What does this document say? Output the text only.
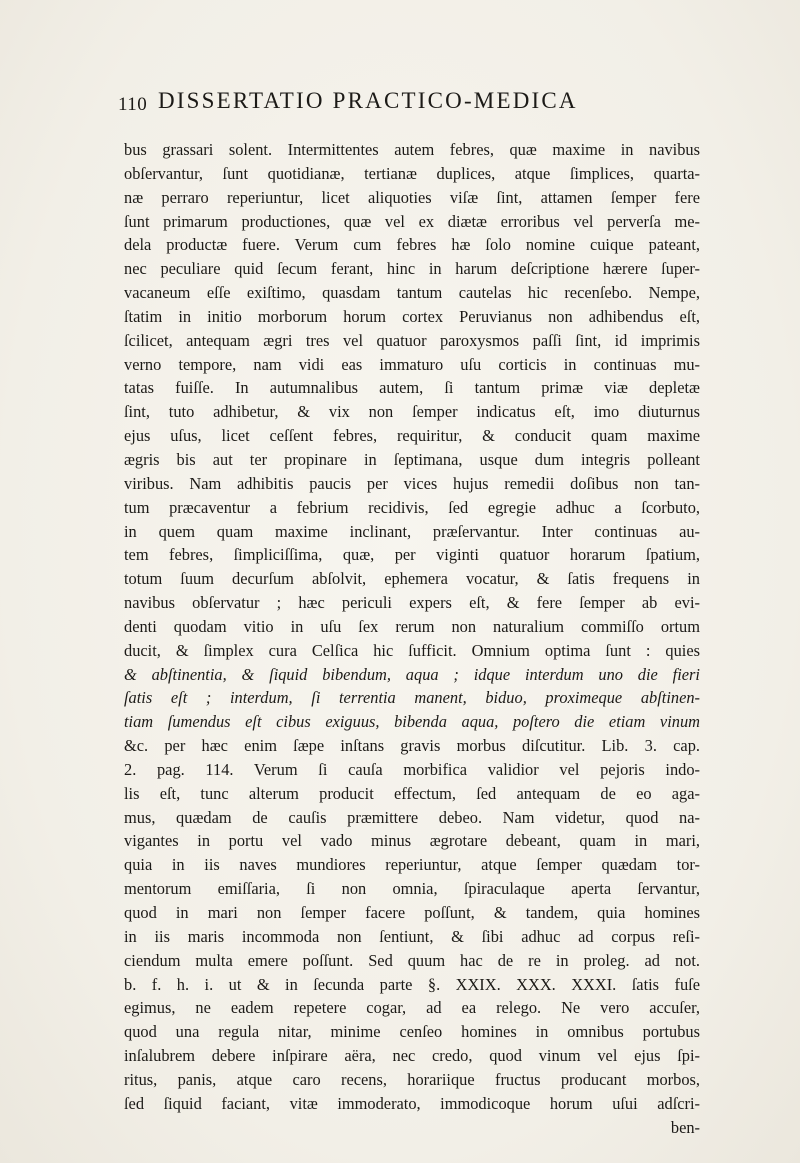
110 DISSERTATIO PRACTICO-MEDICA
bus grassari solent. Intermittentes autem febres, quæ maxime in navibus
obſervantur, ſunt quotidianæ, tertianæ duplices, atque ſimplices, quarta-
næ perraro reperiuntur, licet aliquoties viſæ ſint, attamen ſemper fere
ſunt primarum productiones, quæ vel ex diætæ erroribus vel perverſa me-
dela productæ fuere. Verum cum febres hæ ſolo nomine cuique pateant,
nec peculiare quid ſecum ferant, hinc in harum deſcriptione hærere ſuper-
vacaneum eſſe exiſtimo, quasdam tantum cautelas hic recenſebo. Nempe,
ſtatim in initio morborum horum cortex Peruvianus non adhibendus eſt,
ſcilicet, antequam ægri tres vel quatuor paroxysmos paſſi ſint, id imprimis
verno tempore, nam vidi eas immaturo uſu corticis in continuas mu-
tatas fuiſſe. In autumnalibus autem, ſi tantum primæ viæ depletæ
ſint, tuto adhibetur, & vix non ſemper indicatus eſt, imo diuturnus
ejus uſus, licet ceſſent febres, requiritur, & conducit quam maxime
ægris bis aut ter propinare in ſeptimana, usque dum integris polleant
viribus. Nam adhibitis paucis per vices hujus remedii doſibus non tan-
tum præcaventur a febrium recidivis, ſed egregie adhuc a ſcorbuto,
in quem quam maxime inclinant, præſervantur. Inter continuas au-
tem febres, ſimpliciſſima, quæ, per viginti quatuor horarum ſpatium,
totum ſuum decurſum abſolvit, ephemera vocatur, & ſatis frequens in
navibus obſervatur ; hæc periculi expers eſt, & fere ſemper ab evi-
denti quodam vitio in uſu ſex rerum non naturalium commiſſo ortum
ducit, & ſimplex cura Celſica hic ſufficit. Omnium optima ſunt : quies
& abſtinentia, & ſiquid bibendum, aqua ; idque interdum uno die fieri
ſatis eſt ; interdum, ſi terrentia manent, biduo, proximeque abſtinen-
tiam ſumendus eſt cibus exiguus, bibenda aqua, poſtero die etiam vinum
&c. per hæc enim ſæpe inſtans gravis morbus diſcutitur. Lib. 3. cap.
2. pag. 114. Verum ſi cauſa morbifica validior vel pejoris indo-
lis eſt, tunc alterum producit effectum, ſed antequam de eo aga-
mus, quædam de cauſis præmittere debeo. Nam videtur, quod na-
vigantes in portu vel vado minus ægrotare debeant, quam in mari,
quia in iis naves mundiores reperiuntur, atque ſemper quædam tor-
mentorum emiſſaria, ſi non omnia, ſpiraculaque aperta ſervantur,
quod in mari non ſemper facere poſſunt, & tandem, quia homines
in iis maris incommoda non ſentiunt, & ſibi adhuc ad corpus reſi-
ciendum multa emere poſſunt. Sed quum hac de re in proleg. ad not.
b. f. h. i. ut & in ſecunda parte §. XXIX. XXX. XXXI. ſatis fuſe
egimus, ne eadem repetere cogar, ad ea relego. Ne vero accuſer,
quod una regula nitar, minime cenſeo homines in omnibus portubus
inſalubrem debere inſpirare aëra, nec credo, quod vinum vel ejus ſpi-
ritus, panis, atque caro recens, horariique fructus producant morbos,
ſed ſiquid faciant, vitæ immoderato, immodicoque horum uſui adſcri-
ben-
